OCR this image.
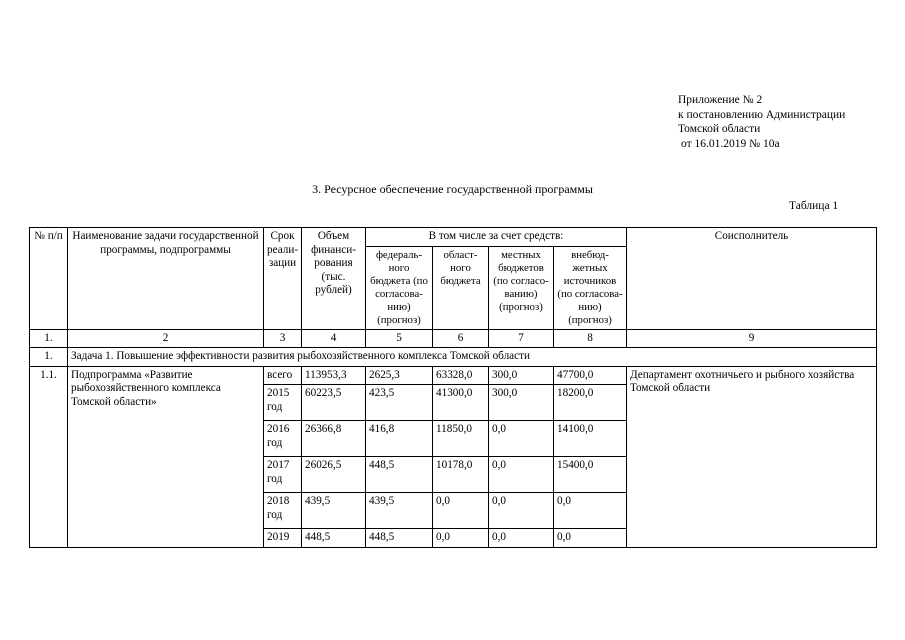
Приложение № 2
к постановлению Администрации
Томской области
от 16.01.2019 № 10а
3. Ресурсное обеспечение государственной программы
Таблица 1
№ п/п	Наименование задачи государственной программы, подпрограммы	Срок реали-зации	Объем финанси-рования (тыс. рублей)	В том числе за счет средств:				Соисполнитель
				федераль-ного бюджета (по согласова-нию) (прогноз)	област-ного бюджета	местных бюджетов (по согласо-ванию) (прогноз)	внебюд-жетных источников (по согласова-нию) (прогноз)	
1.	2	3	4	5	6	7	8	9
1.	Задача 1. Повышение эффективности развития рыбохозяйственного комплекса Томской области							
1.1.	Подпрограмма «Развитие рыбохозяйственного комплекса Томской области»	всего	113953,3	2625,3	63328,0	300,0	47700,0	Департамент охотничьего и рыбного хозяйства Томской области
		2015 год	60223,5	423,5	41300,0	300,0	18200,0	
		2016 год	26366,8	416,8	11850,0	0,0	14100,0	
		2017 год	26026,5	448,5	10178,0	0,0	15400,0	
		2018 год	439,5	439,5	0,0	0,0	0,0	
		2019	448,5	448,5	0,0	0,0	0,0	
